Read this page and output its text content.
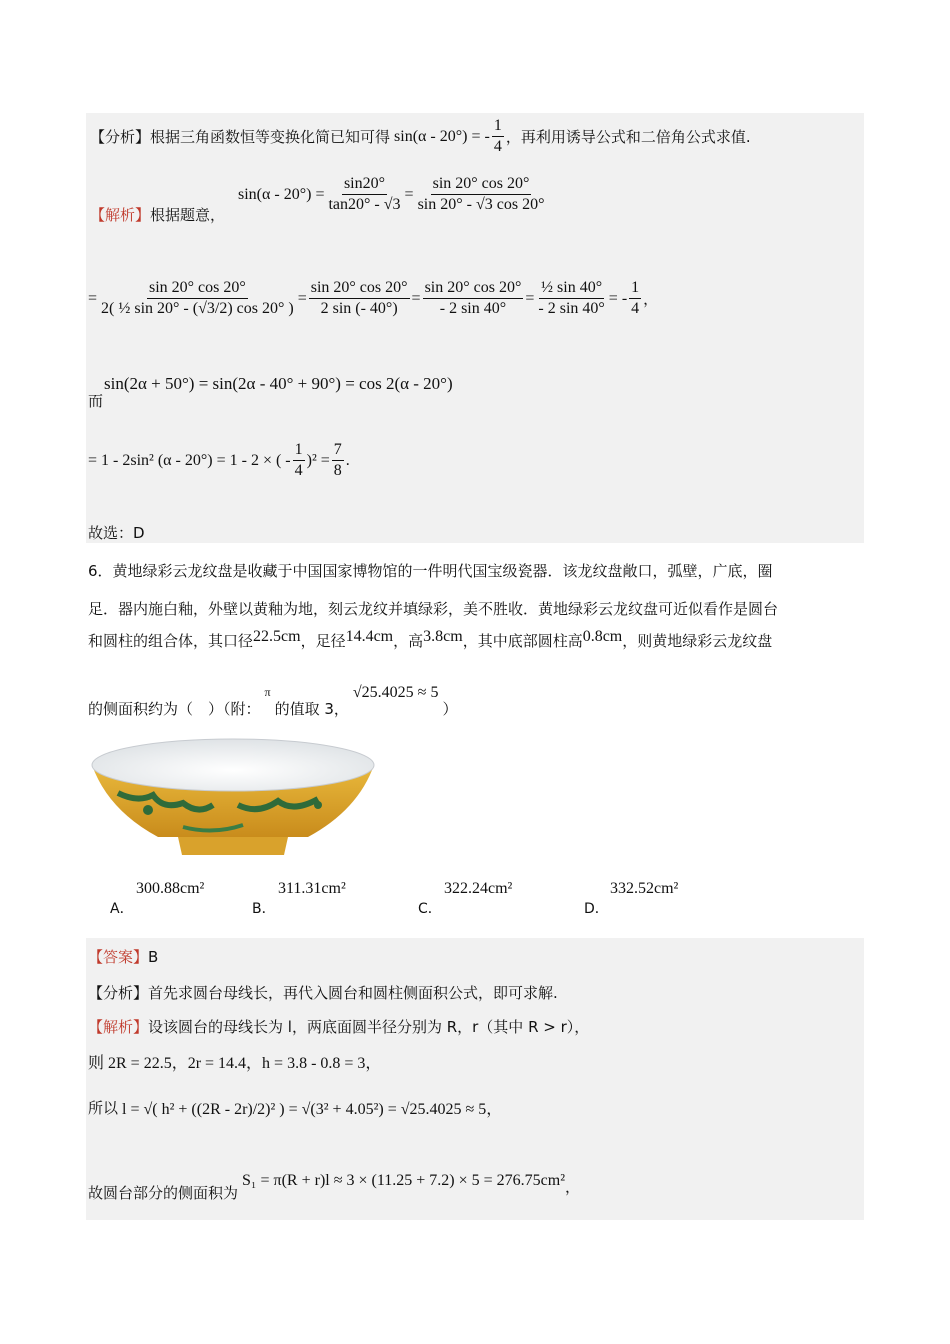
【分析】 根据三角函数恒等变换化简已知可得 sin(α - 20°) = - $\frac{1}{4}$ ，再利用诱导公式和二倍角公式求值.
【解析】根据题意，
$\sin(\alpha - 20^\circ) = \frac{\sin 20^\circ}{\tan 20^\circ - √3} = \frac{\sin 20^\circ \cos 20^\circ}{\sin 20^\circ - √3 \cos 20^\circ}$
= $\frac{\sin 20^\circ \cos 20^\circ}{\text{2( ½ sin 20° - (√3/2) cos 20° )}} = \frac{\sin 20^\circ \cos 20^\circ}{2 \sin (- 40^\circ)} = \frac{\sin 20^\circ \cos 20^\circ}{- 2 \sin 40^\circ} = \frac{\text{½ sin 40°}}{- 2 \sin 40^\circ}$ = - $\frac{1}{4}$ ，
sin(2α + 50°) = sin(2α - 40° + 90°) = cos 2(α - 20°)
而
= 1 - 2sin² (α - 20°) = 1 - 2 × ( - $\frac{1}{4} )^2 = \frac{7}{8}$ .
故选：D
6．黄地绿彩云龙纹盘是收藏于中国国家博物馆的一件明代国宝级瓷器．该龙纹盘敞口，弧壁，广底，圈
足．器内施白釉，外壁以黄釉为地，刻云龙纹并填绿彩，美不胜收．黄地绿彩云龙纹盘可近似看作是圆台
和圆柱的组合体，其口径 22.5cm ，足径 14.4cm ，高 3.8cm ，其中底部圆柱高 0.8cm ，则黄地绿彩云龙纹盘
的侧面积约为（　）（附：
π
的值取 3，
√25.4025 ≈ 5
）
300.88cm²
A．
311.31cm²
B．
322.24cm²
C．
332.52cm²
D．
【答案】B
【分析】首先求圆台母线长，再代入圆台和圆柱侧面积公式，即可求解.
【解析】设该圆台的母线长为 l，两底面圆半径分别为 R，r（其中 R > r），
则 2R = 22.5，2r = 14.4，h = 3.8 - 0.8 = 3，
所以 l = √( h² + ((2R - 2r)/2)² ) = √(3² + 4.05²) = √25.4025 ≈ 5，
故圆台部分的侧面积为
S₁ = π(R + r)l ≈ 3 × (11.25 + 7.2) × 5 = 276.75cm² ，
